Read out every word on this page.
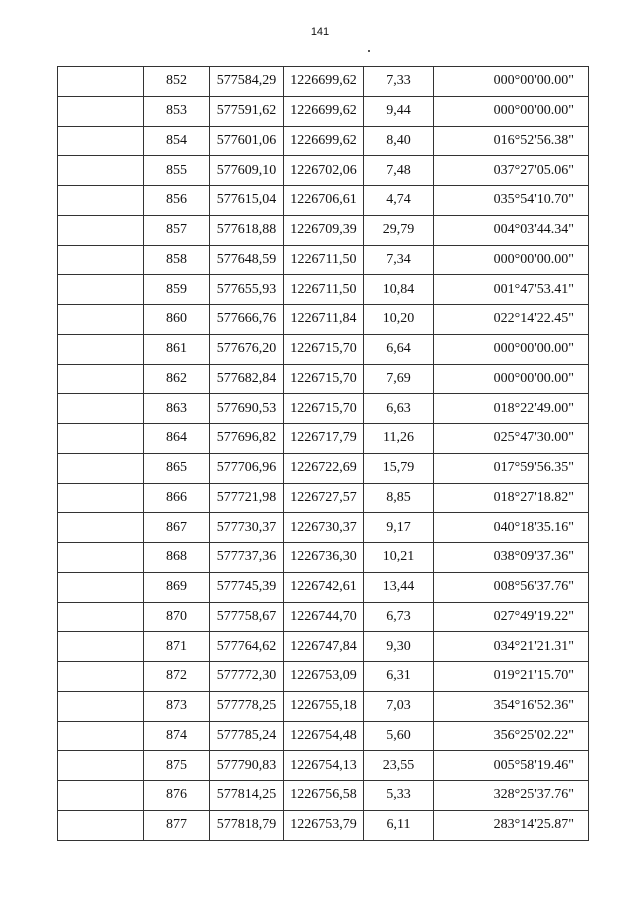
141
	852	577584,29	1226699,62	7,33	000°00'00.00"
	853	577591,62	1226699,62	9,44	000°00'00.00"
	854	577601,06	1226699,62	8,40	016°52'56.38"
	855	577609,10	1226702,06	7,48	037°27'05.06"
	856	577615,04	1226706,61	4,74	035°54'10.70"
	857	577618,88	1226709,39	29,79	004°03'44.34"
	858	577648,59	1226711,50	7,34	000°00'00.00"
	859	577655,93	1226711,50	10,84	001°47'53.41"
	860	577666,76	1226711,84	10,20	022°14'22.45"
	861	577676,20	1226715,70	6,64	000°00'00.00"
	862	577682,84	1226715,70	7,69	000°00'00.00"
	863	577690,53	1226715,70	6,63	018°22'49.00"
	864	577696,82	1226717,79	11,26	025°47'30.00"
	865	577706,96	1226722,69	15,79	017°59'56.35"
	866	577721,98	1226727,57	8,85	018°27'18.82"
	867	577730,37	1226730,37	9,17	040°18'35.16"
	868	577737,36	1226736,30	10,21	038°09'37.36"
	869	577745,39	1226742,61	13,44	008°56'37.76"
	870	577758,67	1226744,70	6,73	027°49'19.22"
	871	577764,62	1226747,84	9,30	034°21'21.31"
	872	577772,30	1226753,09	6,31	019°21'15.70"
	873	577778,25	1226755,18	7,03	354°16'52.36"
	874	577785,24	1226754,48	5,60	356°25'02.22"
	875	577790,83	1226754,13	23,55	005°58'19.46"
	876	577814,25	1226756,58	5,33	328°25'37.76"
	877	577818,79	1226753,79	6,11	283°14'25.87"
